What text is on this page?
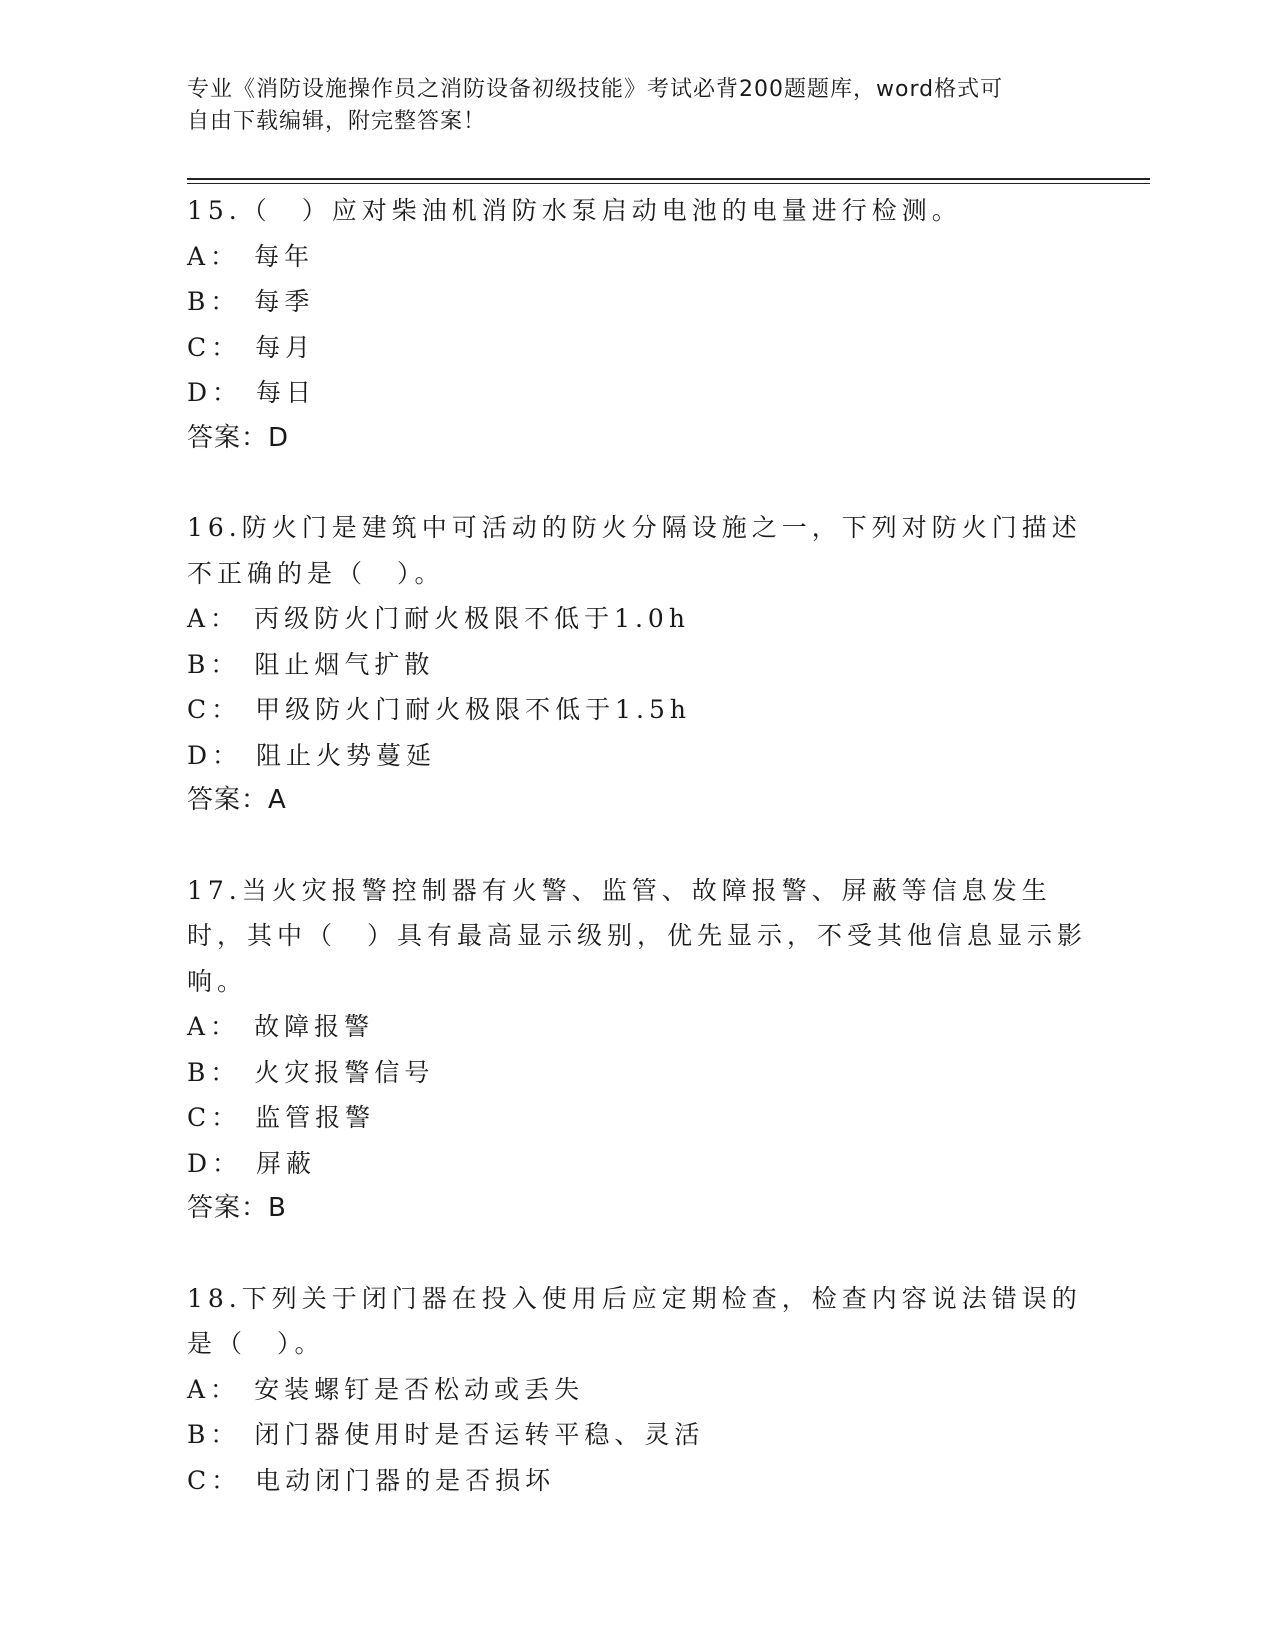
专业《消防设施操作员之消防设备初级技能》考试必背200题题库，word格式可
自由下载编辑，附完整答案！
15.（　）应对柴油机消防水泵启动电池的电量进行检测。
A： 每年
B： 每季
C： 每月
D： 每日
答案：D
16.防火门是建筑中可活动的防火分隔设施之一，下列对防火门描述不正确的是（　）。
A： 丙级防火门耐火极限不低于1.0h
B： 阻止烟气扩散
C： 甲级防火门耐火极限不低于1.5h
D： 阻止火势蔓延
答案：A
17.当火灾报警控制器有火警、监管、故障报警、屏蔽等信息发生时，其中（　）具有最高显示级别，优先显示，不受其他信息显示影响。
A： 故障报警
B： 火灾报警信号
C： 监管报警
D： 屏蔽
答案：B
18.下列关于闭门器在投入使用后应定期检查，检查内容说法错误的是（　）。
A： 安装螺钉是否松动或丢失
B： 闭门器使用时是否运转平稳、灵活
C： 电动闭门器的是否损坏
